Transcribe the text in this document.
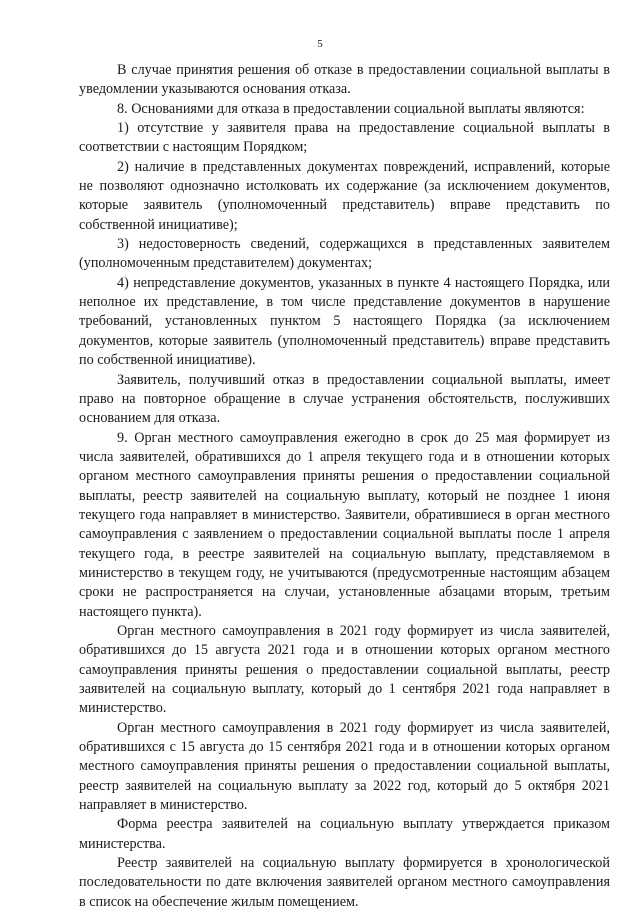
5

В случае принятия решения об отказе в предоставлении социальной выплаты в уведомлении указываются основания отказа.

8. Основаниями для отказа в предоставлении социальной выплаты являются:

1) отсутствие у заявителя права на предоставление социальной выплаты в соответствии с настоящим Порядком;

2) наличие в представленных документах повреждений, исправлений, которые не позволяют однозначно истолковать их содержание (за исключением документов, которые заявитель (уполномоченный представитель) вправе представить по собственной инициативе);

3) недостоверность сведений, содержащихся в представленных заявителем (уполномоченным представителем) документах;

4) непредставление документов, указанных в пункте 4 настоящего Порядка, или неполное их представление, в том числе представление документов в нарушение требований, установленных пунктом 5 настоящего Порядка (за исключением документов, которые заявитель (уполномоченный представитель) вправе представить по собственной инициативе).

Заявитель, получивший отказ в предоставлении социальной выплаты, имеет право на повторное обращение в случае устранения обстоятельств, послуживших основанием для отказа.

9. Орган местного самоуправления ежегодно в срок до 25 мая формирует из числа заявителей, обратившихся до 1 апреля текущего года и в отношении которых органом местного самоуправления приняты решения о предоставлении социальной выплаты, реестр заявителей на социальную выплату, который не позднее 1 июня текущего года направляет в министерство. Заявители, обратившиеся в орган местного самоуправления с заявлением о предоставлении социальной выплаты после 1 апреля текущего года, в реестре заявителей на социальную выплату, представляемом в министерство в текущем году, не учитываются (предусмотренные настоящим абзацем сроки не распространяется на случаи, установленные абзацами вторым, третьим настоящего пункта).

Орган местного самоуправления в 2021 году формирует из числа заявителей, обратившихся до 15 августа 2021 года и в отношении которых органом местного самоуправления приняты решения о предоставлении социальной выплаты, реестр заявителей на социальную выплату, который до 1 сентября 2021 года направляет в министерство.

Орган местного самоуправления в 2021 году формирует из числа заявителей, обратившихся с 15 августа до 15 сентября 2021 года и в отношении которых органом местного самоуправления приняты решения о предоставлении социальной выплаты, реестр заявителей на социальную выплату за 2022 год, который до 5 октября 2021 направляет в министерство.

Форма реестра заявителей на социальную выплату утверждается приказом министерства.

Реестр заявителей на социальную выплату формируется в хронологической последовательности по дате включения заявителей органом местного самоуправления в список на обеспечение жилым помещением.
